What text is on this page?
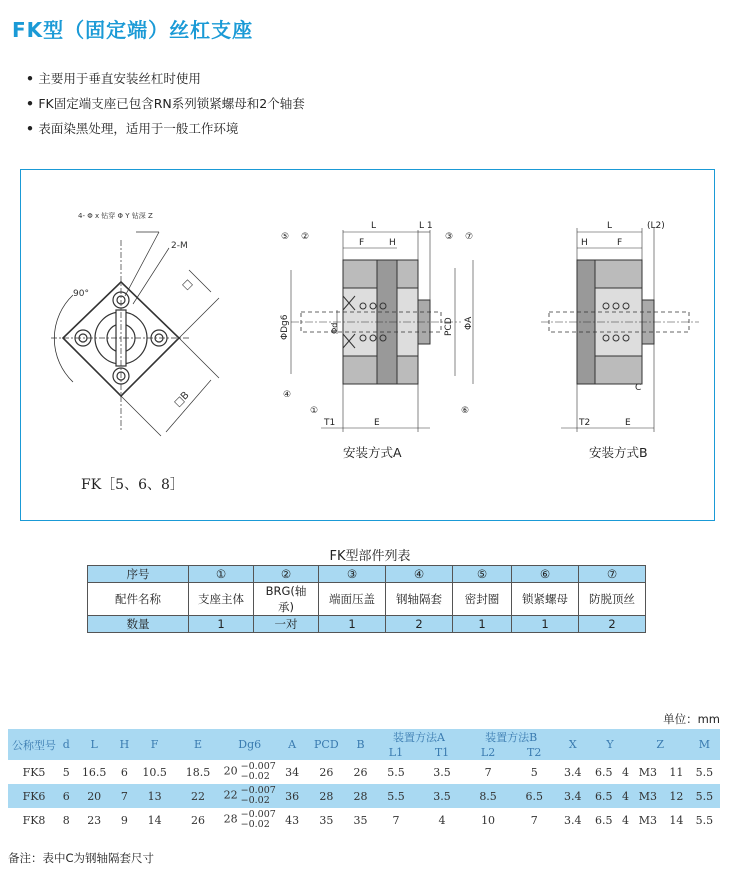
FK型（固定端）丝杠支座
• 主要用于垂直安装丝杠时使用
• FK固定端支座已包含RN系列锁紧螺母和2个轴套
• 表面染黑处理，适用于一般工作环境
4- Φ x 钻穿 Φ Y 钻深 Z
2-M
90°
□
□B
L	L 1
F	H
T1	E
ΦDg6	Φd	PCD ΦA
⑤ ②	③ ⑦
④
①	⑥
L	(L2)
H	F
T2	E
C
FK［5、6、8］
安装方式A	安装方式B
FK型部件列表
序号	①	②	③	④	⑤	⑥	⑦
配件名称	支座主体	BRG(轴承)	端面压盖	钢轴隔套	密封圈	锁紧螺母	防脱顶丝
数量	1	一对	1	2	1	1	2
单位：mm
公称型号	d	L	H	F	E	Dg6	A	PCD	B	装置方法A		装置方法B		X	Y		Z		M
										L1	T1	L2	T2						
FK5	5	16.5	6	10.5	18.5	20 −0.007
−0.02	34	26	26	5.5	3.5	7	5	3.4	6.5	4	M3	11	5.5
FK6	6	20	7	13	22	22 −0.007
−0.02	36	28	28	5.5	3.5	8.5	6.5	3.4	6.5	4	M3	12	5.5
FK8	8	23	9	14	26	28 −0.007
−0.02	43	35	35	7	4	10	7	3.4	6.5	4	M3	14	5.5
备注：表中C为钢轴隔套尺寸
